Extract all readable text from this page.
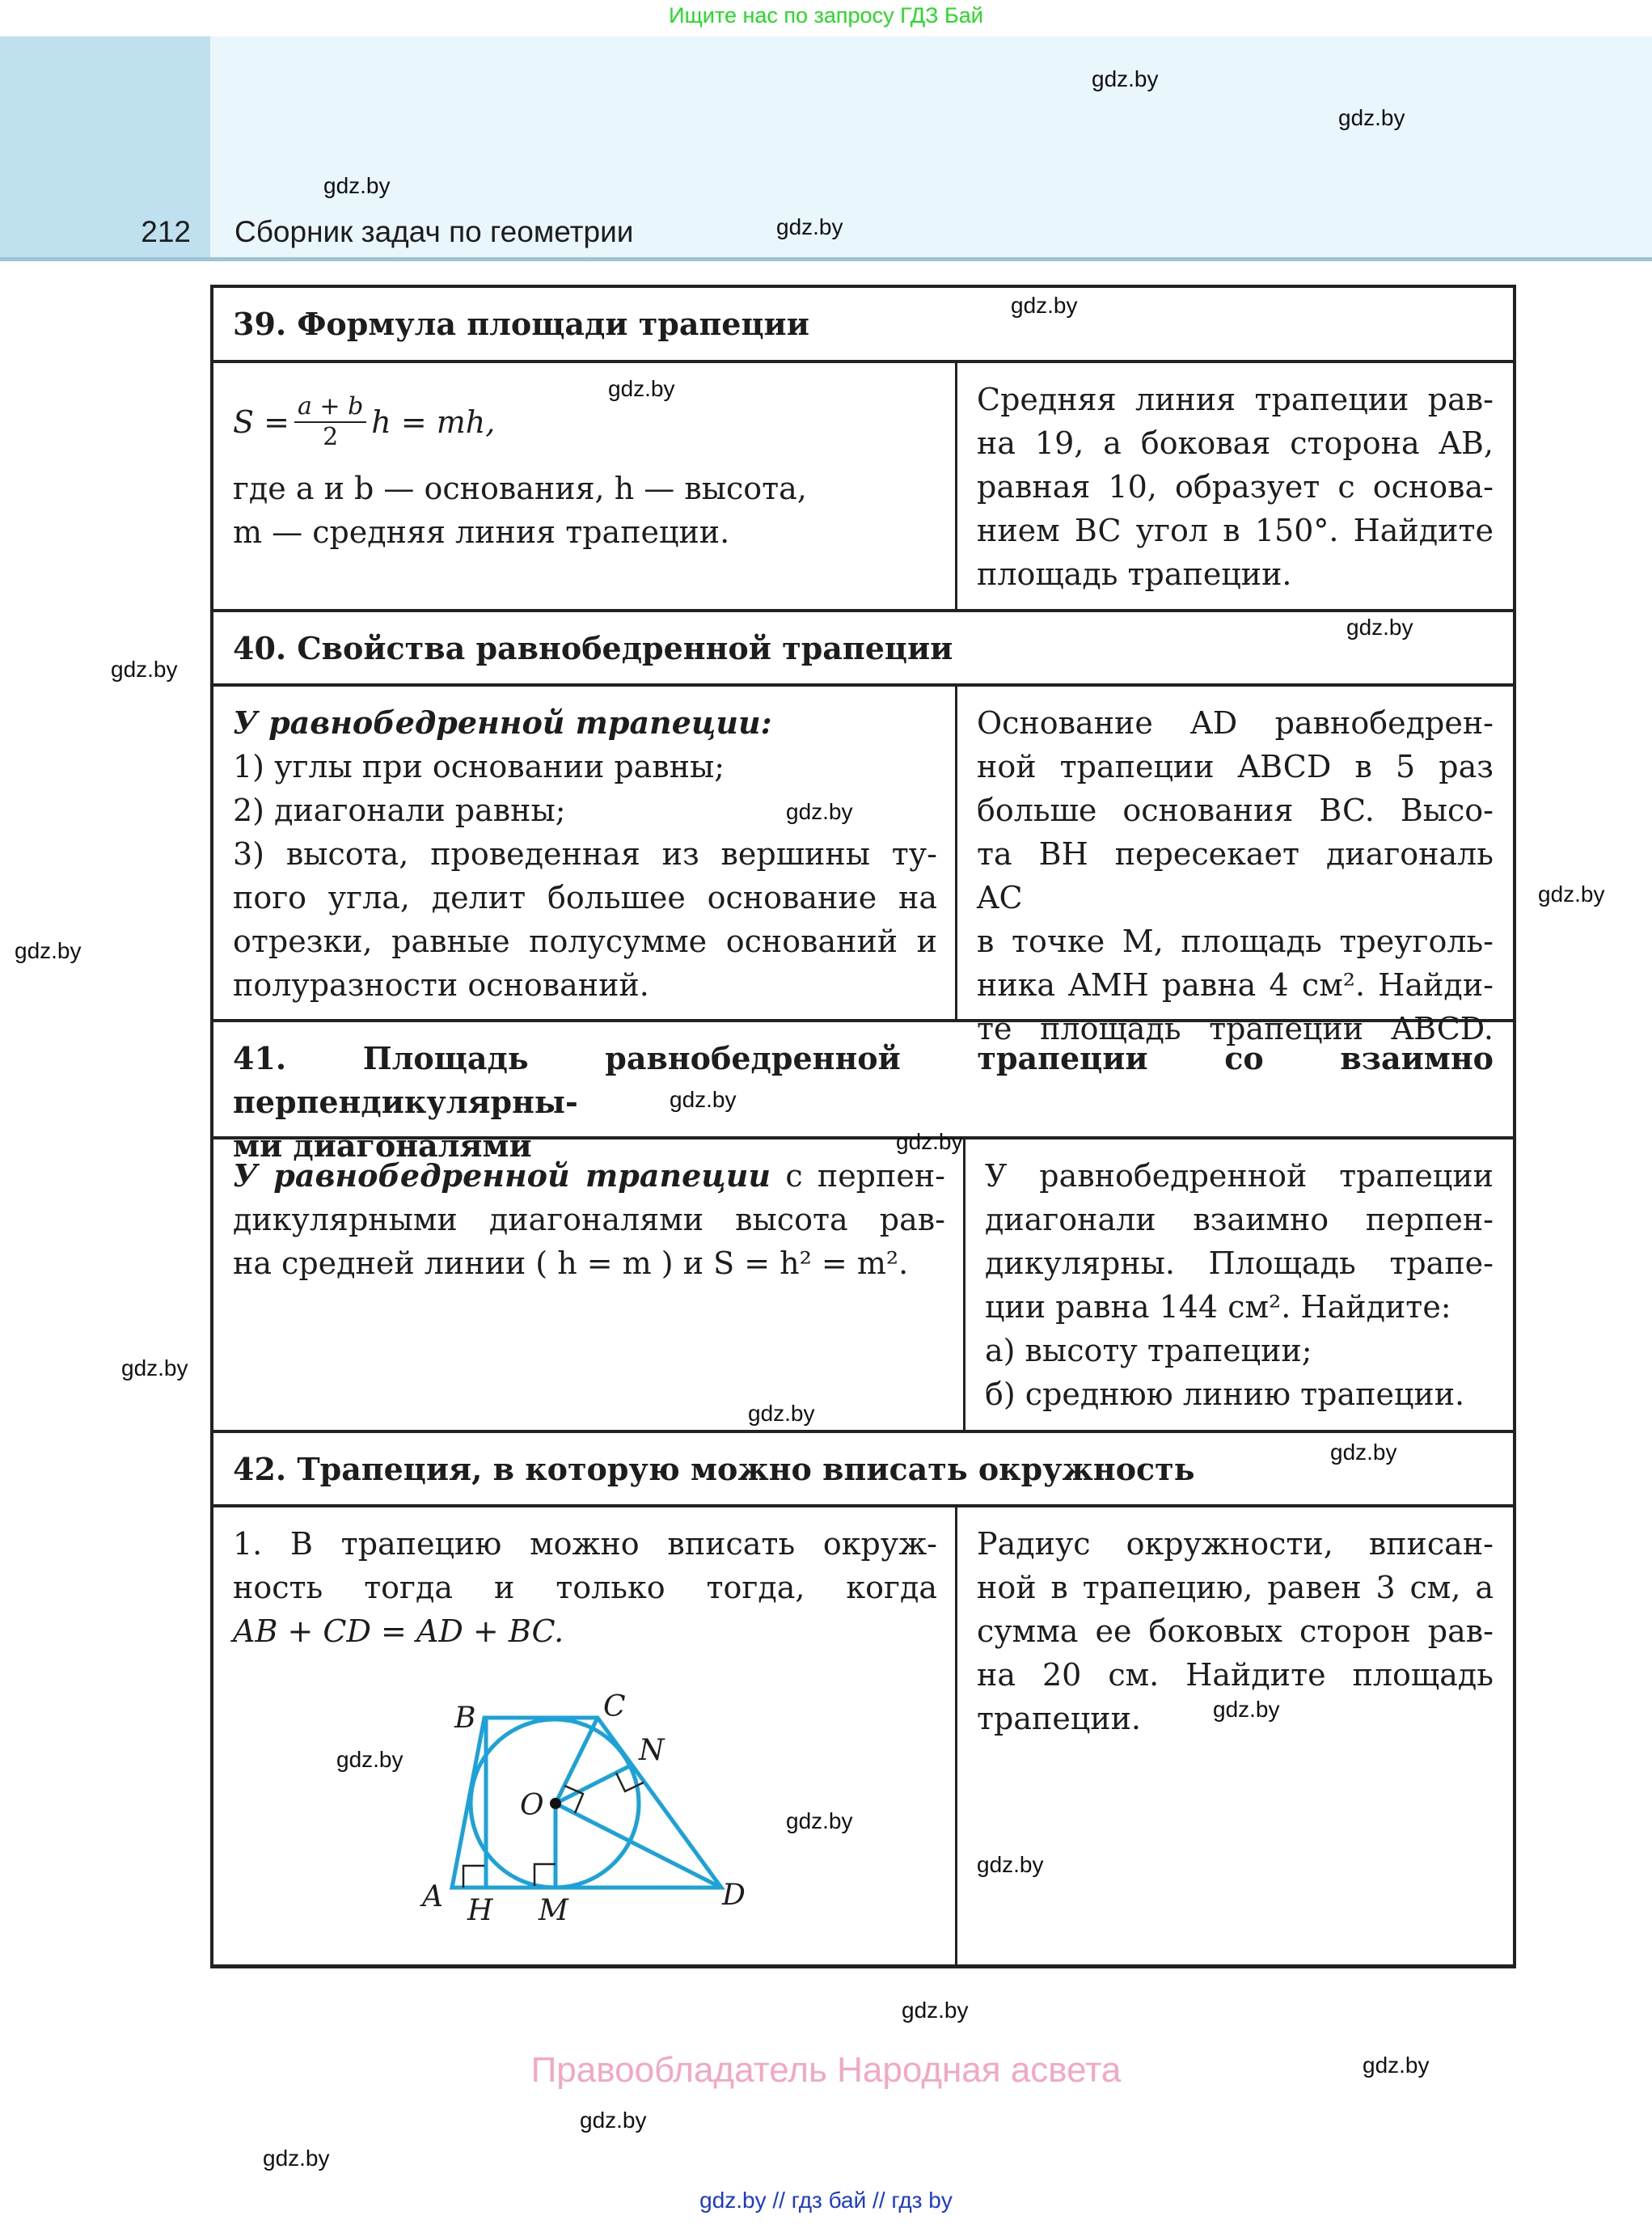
Ищите нас по запросу ГДЗ Бай
212 Сборник задач по геометрии
gdz.by
gdz.by
gdz.by
gdz.by
39. Формула площади трапеции
S
= $\frac{a + b}{2}$ h = mh,
где a и b — основания, h — высота,
m — средняя линия трапеции.
Средняя линия трапеции рав-
на 19, а боковая сторона AB,
равная 10, образует с основа-
нием BC угол в 150°. Найдите
площадь трапеции.
40. Свойства равнобедренной трапеции
У равнобедренной трапеции:
1) углы при основании равны;
2) диагонали равны;
3) высота, проведенная из вершины ту-
пого угла, делит большее основание на
отрезки, равные полусумме оснований и
полуразности оснований.
Основание AD равнобедрен-
ной трапеции ABCD в 5 раз
больше основания BC. Высо-
та BH пересекает диагональ AC
в точке M, площадь треуголь-
ника AMH равна 4 см². Найди-
те площадь трапеции ABCD.
41. Площадь равнобедренной трапеции со взаимно перпендикулярны-
ми диагоналями
У равнобедренной трапеции с перпен-
дикулярными диагоналями высота рав-
на средней линии ( h = m ) и S = h² = m².
У равнобедренной трапеции
диагонали взаимно перпен-
дикулярны. Площадь трапе-
ции равна 144 см². Найдите:
а) высоту трапеции;
б) среднюю линию трапеции.
42. Трапеция, в которую можно вписать окружность
1. В трапецию можно вписать окруж-
ность тогда и только тогда, когда
AB + CD = AD + BC.
Радиус окружности, вписан-
ной в трапецию, равен 3 см, а
сумма ее боковых сторон рав-
на 20 см. Найдите площадь
трапеции.
A
B	C
D
H M
N
O
gdz.by
gdz.by
gdz.by
gdz.by
gdz.by
gdz.by
gdz.by
gdz.by
gdz.by
gdz.by
gdz.by
gdz.by
gdz.by
gdz.by
gdz.by
gdz.by
gdz.by
gdz.by
gdz.by
gdz.by
Правообладатель Народная асвета
gdz.by // гдз бай // гдз by
